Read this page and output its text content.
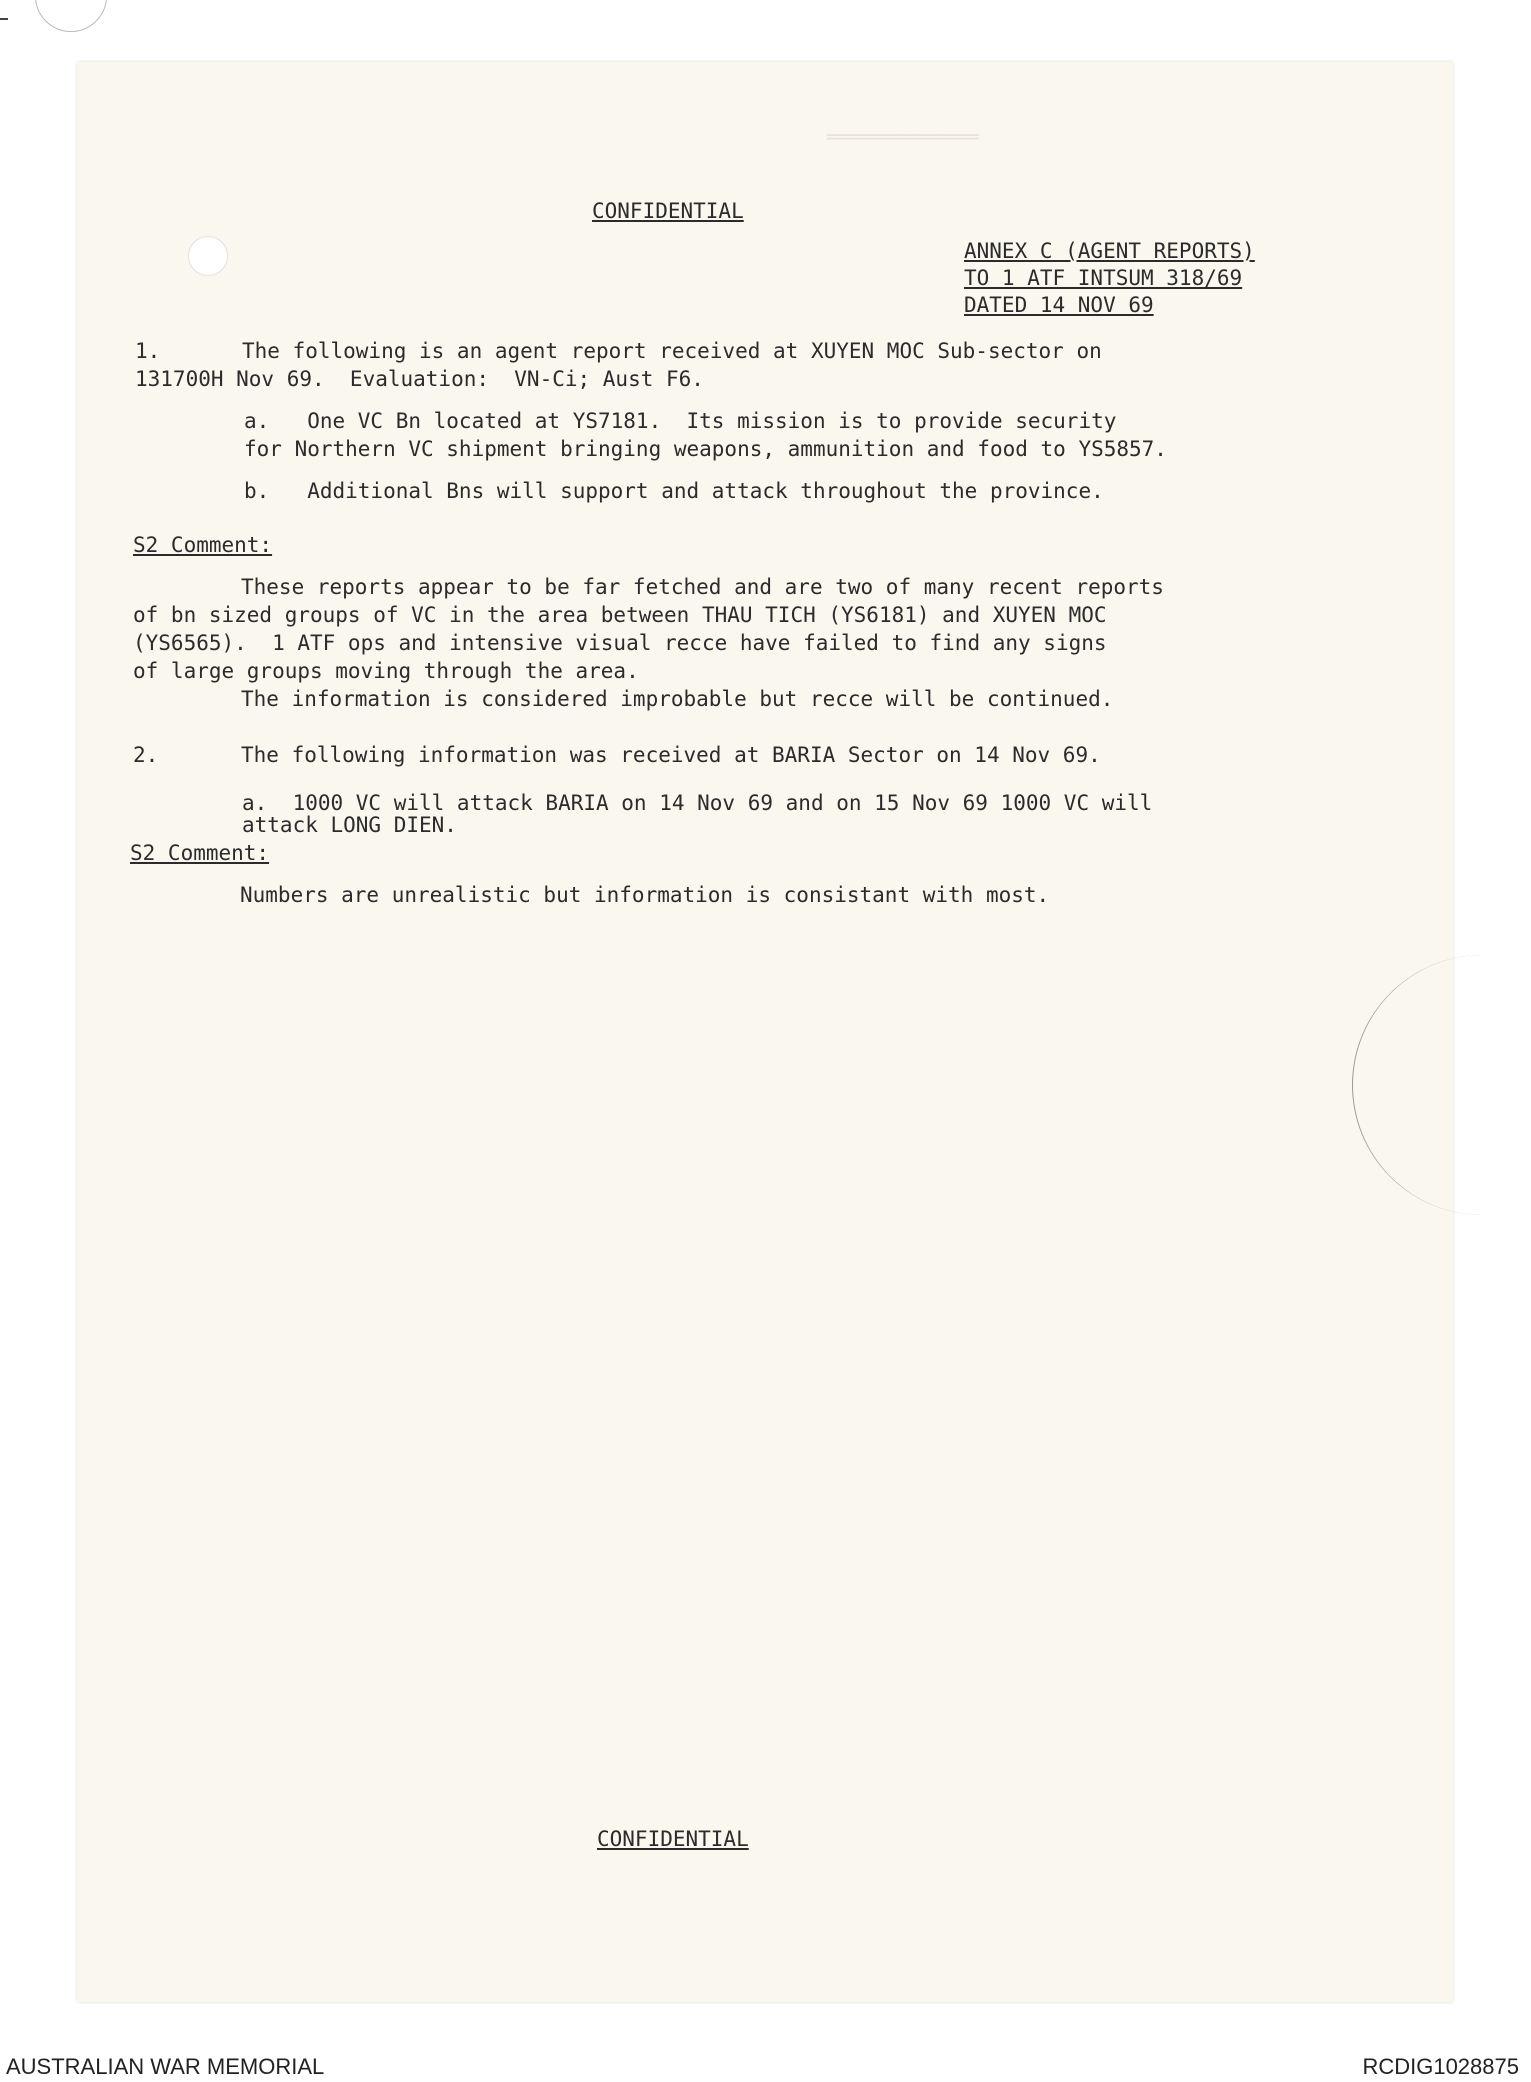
════════════
CONFIDENTIAL
ANNEX C (AGENT REPORTS)
TO 1 ATF INTSUM 318/69
DATED 14 NOV 69
1.	The following is an agent report received at XUYEN MOC Sub-sector on
131700H Nov 69.  Evaluation:  VN-Ci; Aust F6.
a.   One VC Bn located at YS7181.  Its mission is to provide security
for Northern VC shipment bringing weapons, ammunition and food to YS5857.
b.   Additional Bns will support and attack throughout the province.
S2 Comment:
These reports appear to be far fetched and are two of many recent reports
of bn sized groups of VC in the area between THAU TICH (YS6181) and XUYEN MOC
(YS6565).  1 ATF ops and intensive visual recce have failed to find any signs
of large groups moving through the area.
The information is considered improbable but recce will be continued.
2.	The following information was received at BARIA Sector on 14 Nov 69.
a.  1000 VC will attack BARIA on 14 Nov 69 and on 15 Nov 69 1000 VC will
attack LONG DIEN.
S2 Comment:
Numbers are unrealistic but information is consistant with most.
CONFIDENTIAL
AUSTRALIAN WAR MEMORIAL	RCDIG1028875
